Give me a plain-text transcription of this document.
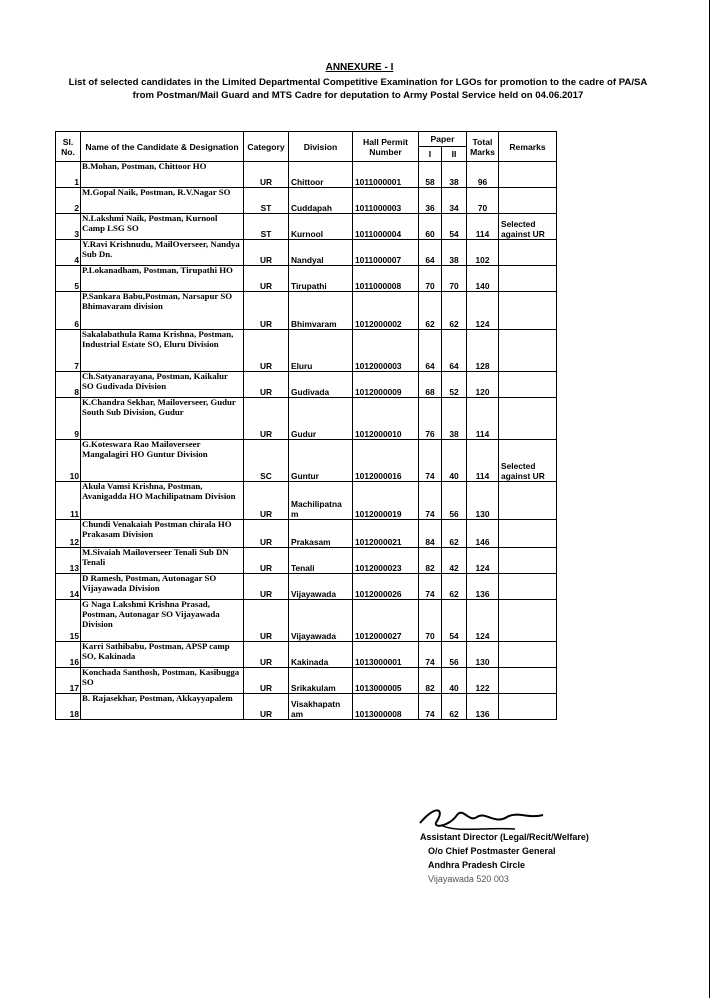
ANNEXURE - I
List of selected candidates in the Limited Departmental Competitive Examination for LGOs for promotion to the cadre of PA/SA from Postman/Mail Guard and MTS Cadre for deputation to Army Postal Service held on 04.06.2017
Sl. No.	Name of the Candidate & Designation	Category	Division	Hall Permit Number	Paper		Total Marks	Remarks
					I	II		
1	B.Mohan, Postman, Chittoor HO	UR	Chittoor	1011000001	58	38	96	
2	M.Gopal Naik, Postman, R.V.Nagar SO	ST	Cuddapah	1011000003	36	34	70	
3	N.Lakshmi Naik, Postman, Kurnool Camp LSG SO	ST	Kurnool	1011000004	60	54	114	Selected against UR
4	Y.Ravi Krishnudu, MailOverseer, Nandya Sub Dn.	UR	Nandyal	1011000007	64	38	102	
5	P.Lokanadham, Postman, Tirupathi HO	UR	Tirupathi	1011000008	70	70	140	
6	P.Sankara Babu,Postman, Narsapur SO Bhimavaram division	UR	Bhimvaram	1012000002	62	62	124	
7	Sakalabathula Rama Krishna, Postman, Industrial Estate SO, Eluru Division	UR	Eluru	1012000003	64	64	128	
8	Ch.Satyanarayana, Postman, Kaikalur SO Gudivada Division	UR	Gudivada	1012000009	68	52	120	
9	K.Chandra Sekhar, Mailoverseer, Gudur South Sub Division, Gudur	UR	Gudur	1012000010	76	38	114	
10	G.Koteswara Rao Mailoverseer Mangalagiri HO Guntur Division	SC	Guntur	1012000016	74	40	114	Selected against UR
11	Akula Vamsi Krishna, Postman, Avanigadda HO Machilipatnam Division	UR	Machilipatna m	1012000019	74	56	130	
12	Chundi Venakaiah Postman chirala HO Prakasam Division	UR	Prakasam	1012000021	84	62	146	
13	M.Sivaiah Mailoverseer Tenali Sub DN Tenali	UR	Tenali	1012000023	82	42	124	
14	D Ramesh, Postman, Autonagar SO Vijayawada Division	UR	Vijayawada	1012000026	74	62	136	
15	G Naga Lakshmi Krishna Prasad, Postman, Autonagar SO Vijayawada Division	UR	Vijayawada	1012000027	70	54	124	
16	Karri Sathibabu, Postman, APSP camp SO, Kakinada	UR	Kakinada	1013000001	74	56	130	
17	Konchada Santhosh, Postman, Kasibugga SO	UR	Srikakulam	1013000005	82	40	122	
18	B. Rajasekhar, Postman, Akkayyapalem	UR	Visakhapatn am	1013000008	74	62	136	
Assistant Director (Legal/Recit/Welfare)
O/o Chief Postmaster General
Andhra Pradesh Circle
Vijayawada 520 003
